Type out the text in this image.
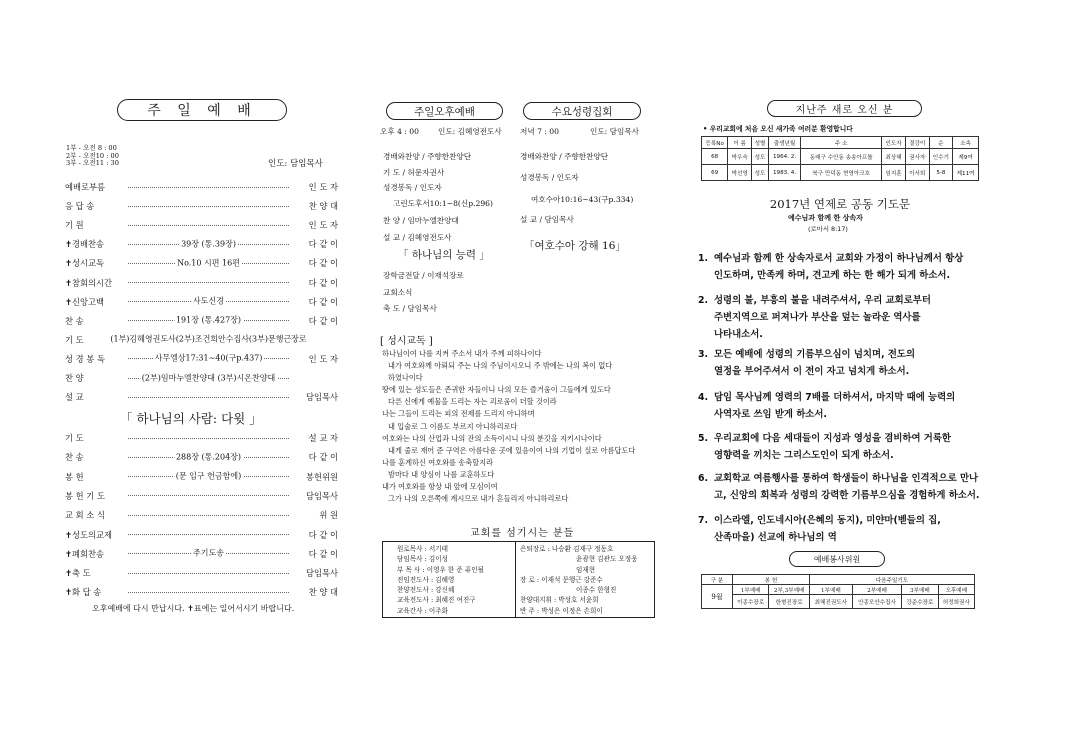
주 일 예 배
1부 - 오전 8 : 00
2부 - 오전10 : 00
3부 - 오전11 : 30	인도: 담임목사
예배로부름	인 도 자
응 답 송	찬 양 대
기 원	인 도 자
✝경배찬송	39장 (통.39장)	다 같 이
✝성시교독	No.10 시편 16편	다 같 이
✝참회의시간	다 같 이
✝신앙고백	사도신경	다 같 이
찬 송	191장 (통.427장)	다 같 이
기 도	(1부)김혜영권도사(2부)조건희안수집사(3부)문행근장로
성 경 봉 독	사무엘상17:31~40(구p.437)	인 도 자
찬 양	(2부)임마누엘찬양대 (3부)시온찬양대
설 교	담임목사
「 하나님의 사람: 다윗 」
기 도	설 교 자
찬 송	288장 (통.204장)	다 같 이
봉 헌	(문 입구 헌금함에)	봉헌위원
봉 헌 기 도	담임목사
교 회 소 식	위 원
✝성도의교제	다 같 이
✝폐회찬송	주기도송	다 같 이
✝축 도	담임목사
✝화 답 송	찬 양 대
오후예배에 다시 만납시다. ✝표에는 일어서시기 바랍니다.
주일오후예배	수요성령집회
오후 4 : 00	인도: 김혜영전도사 저녁 7 : 00	인도: 담임목사
경배와찬양 / 주향한찬양단
기 도 / 허문자권사
성경봉독 / 인도자
고린도후서10:1~8(신p.296)
찬 양 / 임마누엘찬양대
설 교 / 김혜영전도사
「 하나님의 능력 」
장학금전달 / 이재석장로
교회소식
축 도 / 담임목사
경배와찬양 / 주향한찬양단
성경봉독 / 인도자
여호수아10:16~43(구p.334)
설 교 / 담임목사
「여호수아 강해 16」
[ 성시교독 ]
하나님이여 나를 지켜 주소서 내가 주께 피하나이다
내가 여호와께 아뢰되 주는 나의 주님이시오니 주 밖에는 나의 복이 없다
하였나이다
땅에 있는 성도들은 존귀한 자들이니 나의 모든 즐거움이 그들에게 있도다
다른 신에게 예물을 드리는 자는 괴로움이 더할 것이라
나는 그들이 드리는 피의 전제를 드리지 아니하며
내 입술로 그 이름도 부르지 아니하리로다
여호와는 나의 산업과 나의 잔의 소득이시니 나의 분깃을 지키시나이다
내게 줄로 재어 준 구역은 아름다운 곳에 있음이여 나의 기업이 실로 아름답도다
나를 훈계하신 여호와를 송축할지라
밤마다 내 양심이 나를 교훈하도다
내가 여호와를 항상 내 앞에 모심이여
그가 나의 오른쪽에 계시므로 내가 흔들리지 아니하리로다
교회를 섬기시는 분들
원로목사 : 서기태
담임목사 : 김이성
부 목 사 : 이영우 한 준 퓨인될
전임전도사 : 김혜영
찬양전도사 : 강신혜
교육전도사 : 최혜진 여진구
교육간사 : 이주화
은퇴장로 : 나승환 김재구 정동호
윤광현 김관도 오정웅
임재현
장 로 : 이재석 문행근 강준수
이종수 한형진
찬양대지휘 : 박성호 서윤희
반 주 : 박성은 이정은 손희이
지난주 새로 오신 분
• 우리교회에 처음 오신 새가족 여러분 환영합니다
등록No	이 름	성별	출생년월	주 소	인도자	결강이	순	소속
68	박우숙	성도	1964. 2.	동래구 수안동 송송아프틀	최상혜	권사자	인수기	제9여
69	박선영	성도	1983. 4.	북구 만덕동 현영아크호	임지훈	이서희	5-8	제11여
2017년 연제로 공동 기도문
예수님과 함께 한 상속자
(로마서 8:17)
1. 예수님과 함께 한 상속자로서 교회와 가정이 하나님께서 항상
인도하며, 만족케 하며, 견고케 하는 한 해가 되게 하소서.
2. 성령의 불, 부흥의 불을 내려주셔서, 우리 교회로부터
주변지역으로 퍼져나가 부산을 덮는 놀라운 역사를
나타내소서.
3. 모든 예배에 성령의 기름부으심이 넘치며, 전도의
열정을 부어주셔서 이 전이 자고 넘치게 하소서.
4. 담임 목사님께 영력의 7배를 더하셔서, 마지막 때에 능력의
사역자로 쓰임 받게 하소서.
5. 우리교회에 다음 세대들이 지성과 영성을 겸비하여 거룩한
영향력을 끼치는 그리스도인이 되게 하소서.
6. 교회학교 여름행사를 통하여 학생들이 하나님을 인격적으로 만나
고, 신앙의 회복과 성령의 강력한 기름부으심을 경험하게 하소서.
7. 이스라엘, 인도네시아(은혜의 동지), 미얀마(벧들의 집,
산족마을) 선교에 하나님의 역
예배봉사위원
구 분	봉 헌		다음주일기도			
9월	1부예배	2부,3부예배	1부예배	2부예배	3부예배	오후예배
	이종수장로	한형진장로	최혜진권도사	안종모안수집사	강준수장로	허정희권사
